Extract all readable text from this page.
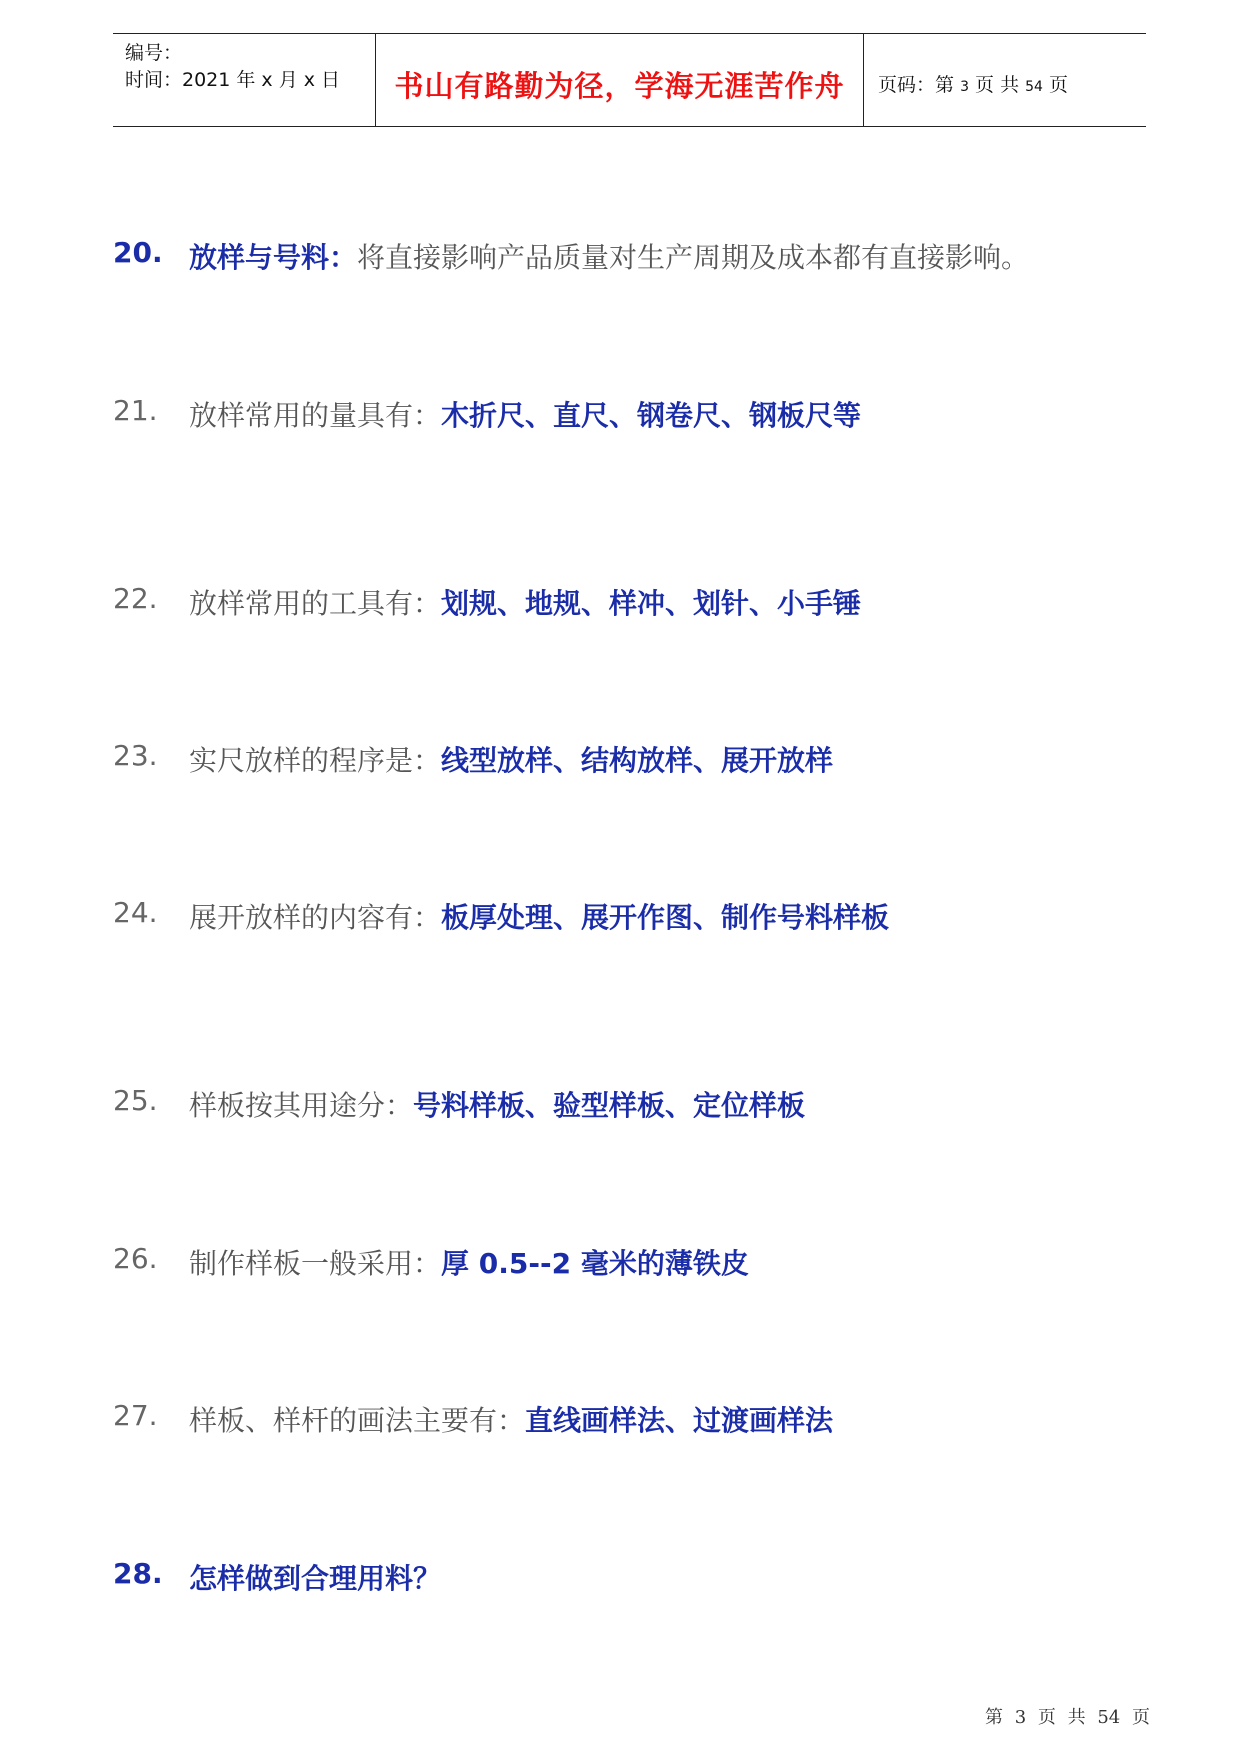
编号：
时间：2021 年 x 月 x 日	书山有路勤为径，学海无涯苦作舟	页码：第 3 页 共 54 页
20. 放样与号料：将直接影响产品质量对生产周期及成本都有直接影响。
21. 放样常用的量具有：木折尺、直尺、钢卷尺、钢板尺等
22. 放样常用的工具有：划规、地规、样冲、划针、小手锤
23. 实尺放样的程序是：线型放样、结构放样、展开放样
24. 展开放样的内容有：板厚处理、展开作图、制作号料样板
25. 样板按其用途分：号料样板、验型样板、定位样板
26. 制作样板一般采用：厚 0.5--2 毫米的薄铁皮
27. 样板、样杆的画法主要有：直线画样法、过渡画样法
28. 怎样做到合理用料？
第 3 页 共 54 页
